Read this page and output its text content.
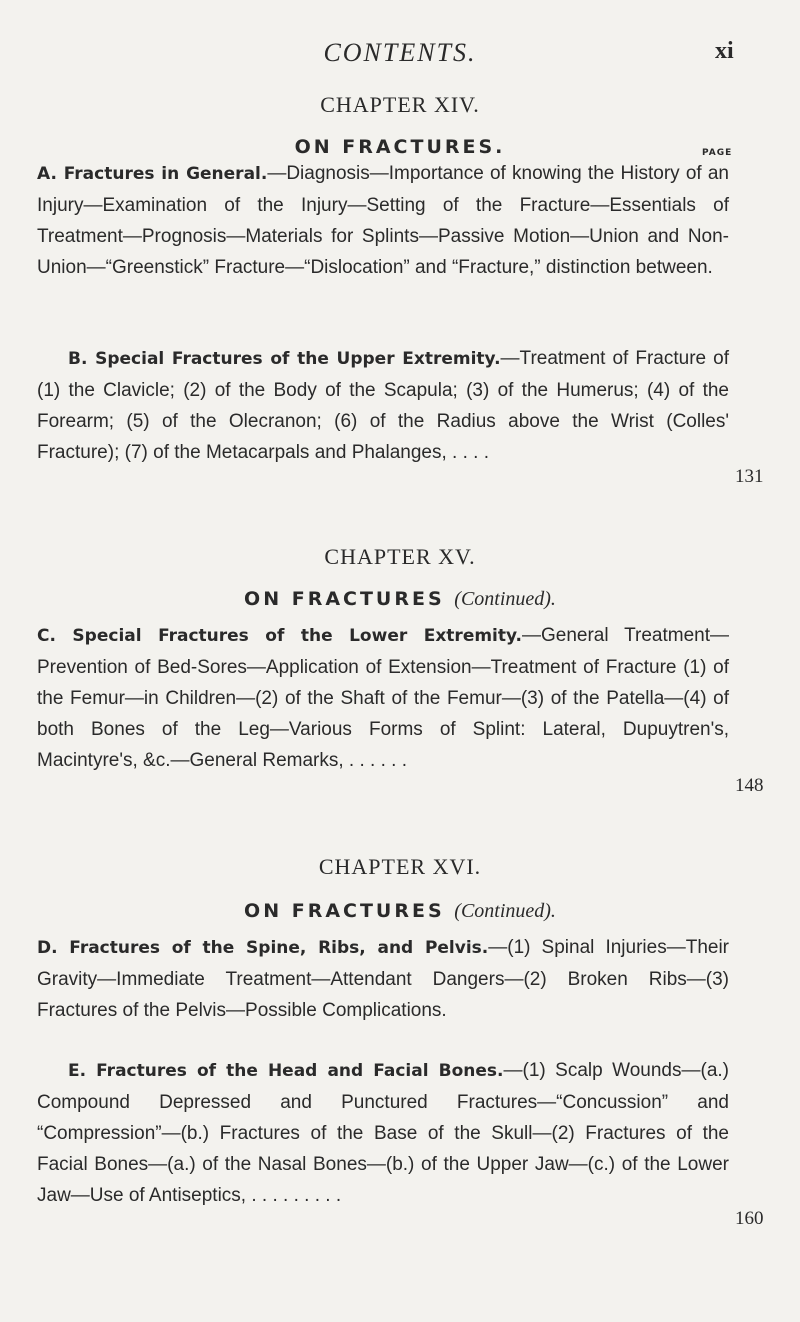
CONTENTS.	xi
CHAPTER XIV.
ON FRACTURES.	PAGE
A. Fractures in General.—Diagnosis—Importance of knowing the History of an Injury—Examination of the Injury—Setting of the Fracture—Essentials of Treatment—Prognosis—Materials for Splints—Passive Motion—Union and Non-Union—“Greenstick” Fracture—“Dislocation” and “Fracture,” distinction between.
B. Special Fractures of the Upper Extremity.—Treatment of Fracture of (1) the Clavicle; (2) of the Body of the Scapula; (3) of the Humerus; (4) of the Forearm; (5) of the Olecranon; (6) of the Radius above the Wrist (Colles' Fracture); (7) of the Metacarpals and Phalanges, . . . .
131
CHAPTER XV.
ON FRACTURES (Continued).
C. Special Fractures of the Lower Extremity.—General Treatment—Prevention of Bed-Sores—Application of Extension—Treatment of Fracture (1) of the Femur—in Children—(2) of the Shaft of the Femur—(3) of the Patella—(4) of both Bones of the Leg—Various Forms of Splint: Lateral, Dupuytren's, Macintyre's, &c.—General Remarks, . . . . . .
148
CHAPTER XVI.
ON FRACTURES (Continued).
D. Fractures of the Spine, Ribs, and Pelvis.—(1) Spinal Injuries—Their Gravity—Immediate Treatment—Attendant Dangers—(2) Broken Ribs—(3) Fractures of the Pelvis—Possible Complications.
E. Fractures of the Head and Facial Bones.—(1) Scalp Wounds—(a.) Compound Depressed and Punctured Fractures—“Concussion” and “Compression”—(b.) Fractures of the Base of the Skull—(2) Fractures of the Facial Bones—(a.) of the Nasal Bones—(b.) of the Upper Jaw—(c.) of the Lower Jaw—Use of Antiseptics, . . . . . . . . .
160
